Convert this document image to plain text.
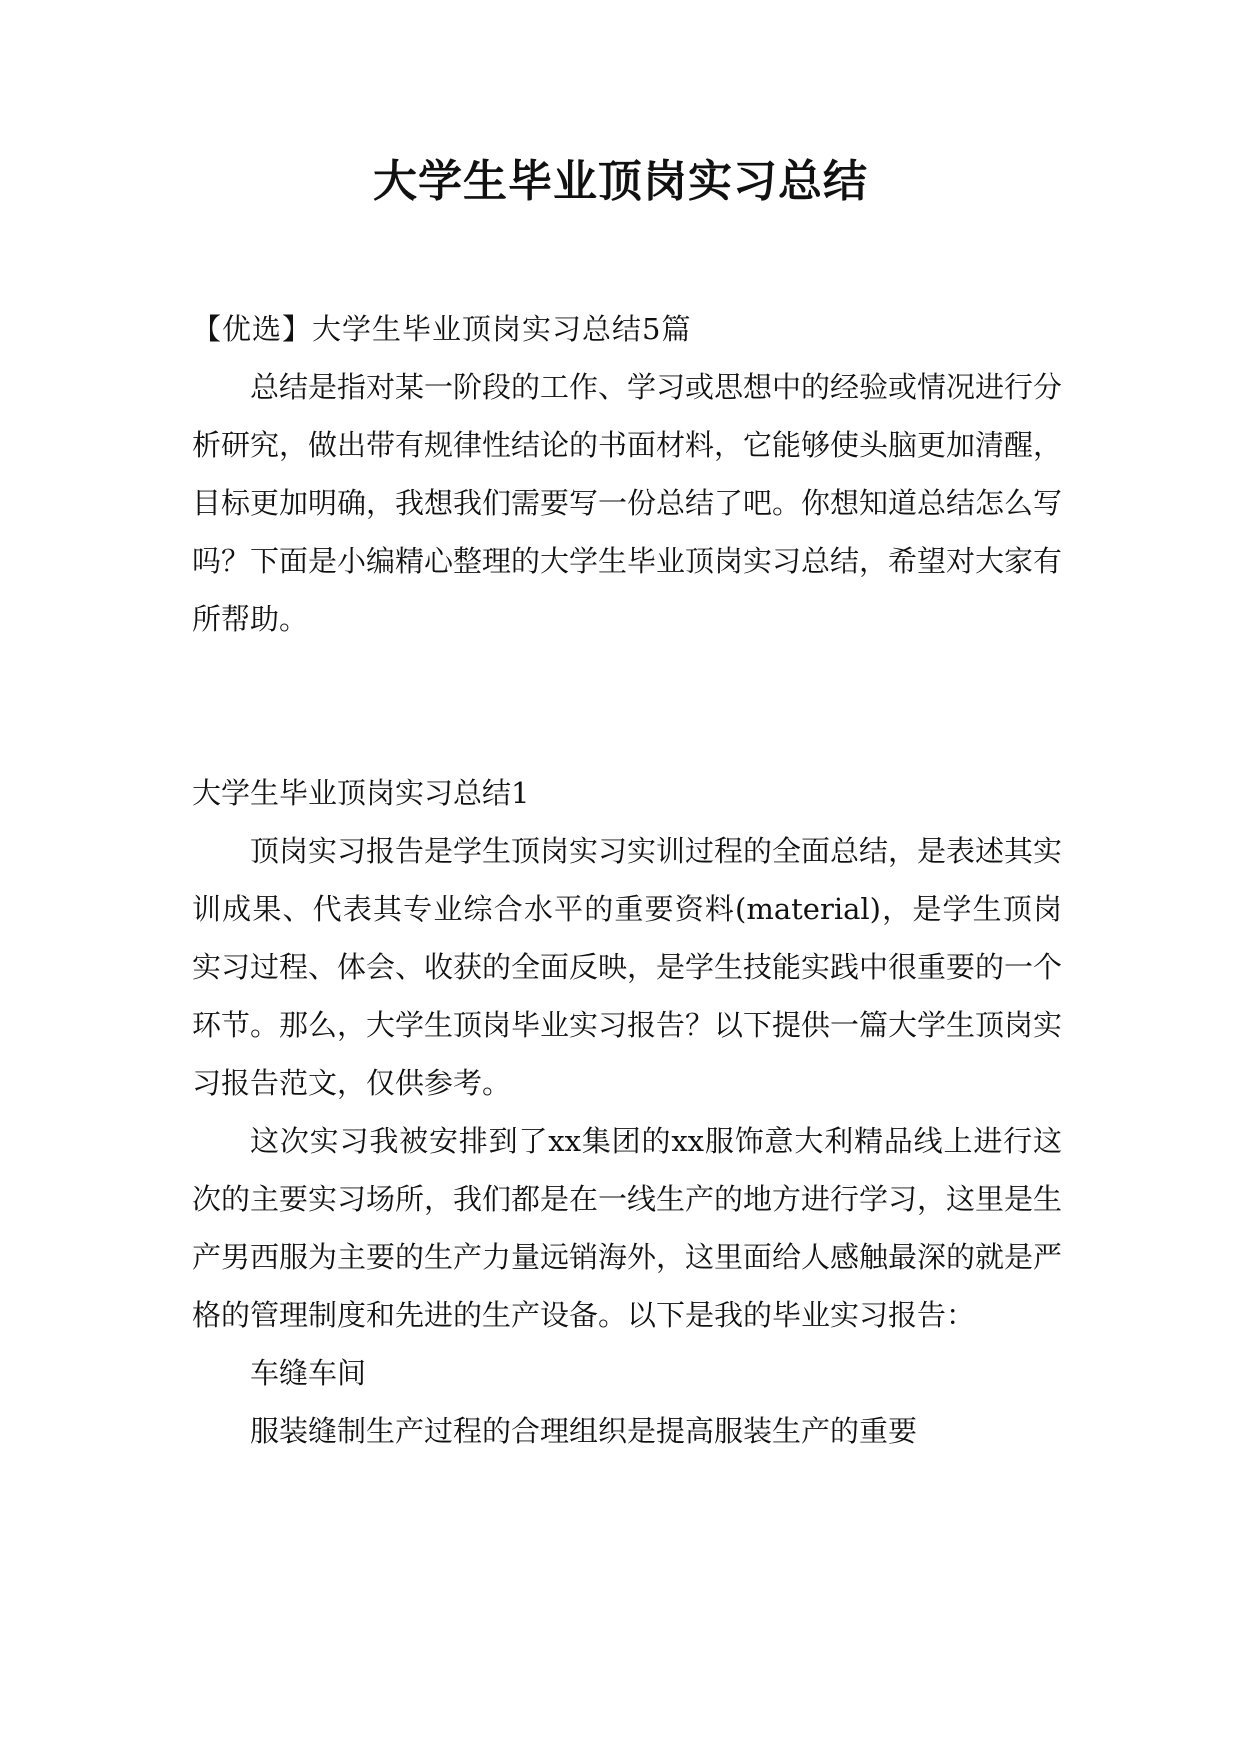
大学生毕业顶岗实习总结

【优选】大学生毕业顶岗实习总结5篇

总结是指对某一阶段的工作、学习或思想中的经验或情况进行分析研究，做出带有规律性结论的书面材料，它能够使头脑更加清醒，目标更加明确，我想我们需要写一份总结了吧。你想知道总结怎么写吗？下面是小编精心整理的大学生毕业顶岗实习总结，希望对大家有所帮助。

大学生毕业顶岗实习总结1

顶岗实习报告是学生顶岗实习实训过程的全面总结，是表述其实训成果、代表其专业综合水平的重要资料(material)，是学生顶岗实习过程、体会、收获的全面反映，是学生技能实践中很重要的一个环节。那么，大学生顶岗毕业实习报告？以下提供一篇大学生顶岗实习报告范文，仅供参考。

这次实习我被安排到了xx集团的xx服饰意大利精品线上进行这次的主要实习场所，我们都是在一线生产的地方进行学习，这里是生产男西服为主要的生产力量远销海外，这里面给人感触最深的就是严格的管理制度和先进的生产设备。以下是我的毕业实习报告：

车缝车间

服装缝制生产过程的合理组织是提高服装生产的重要
